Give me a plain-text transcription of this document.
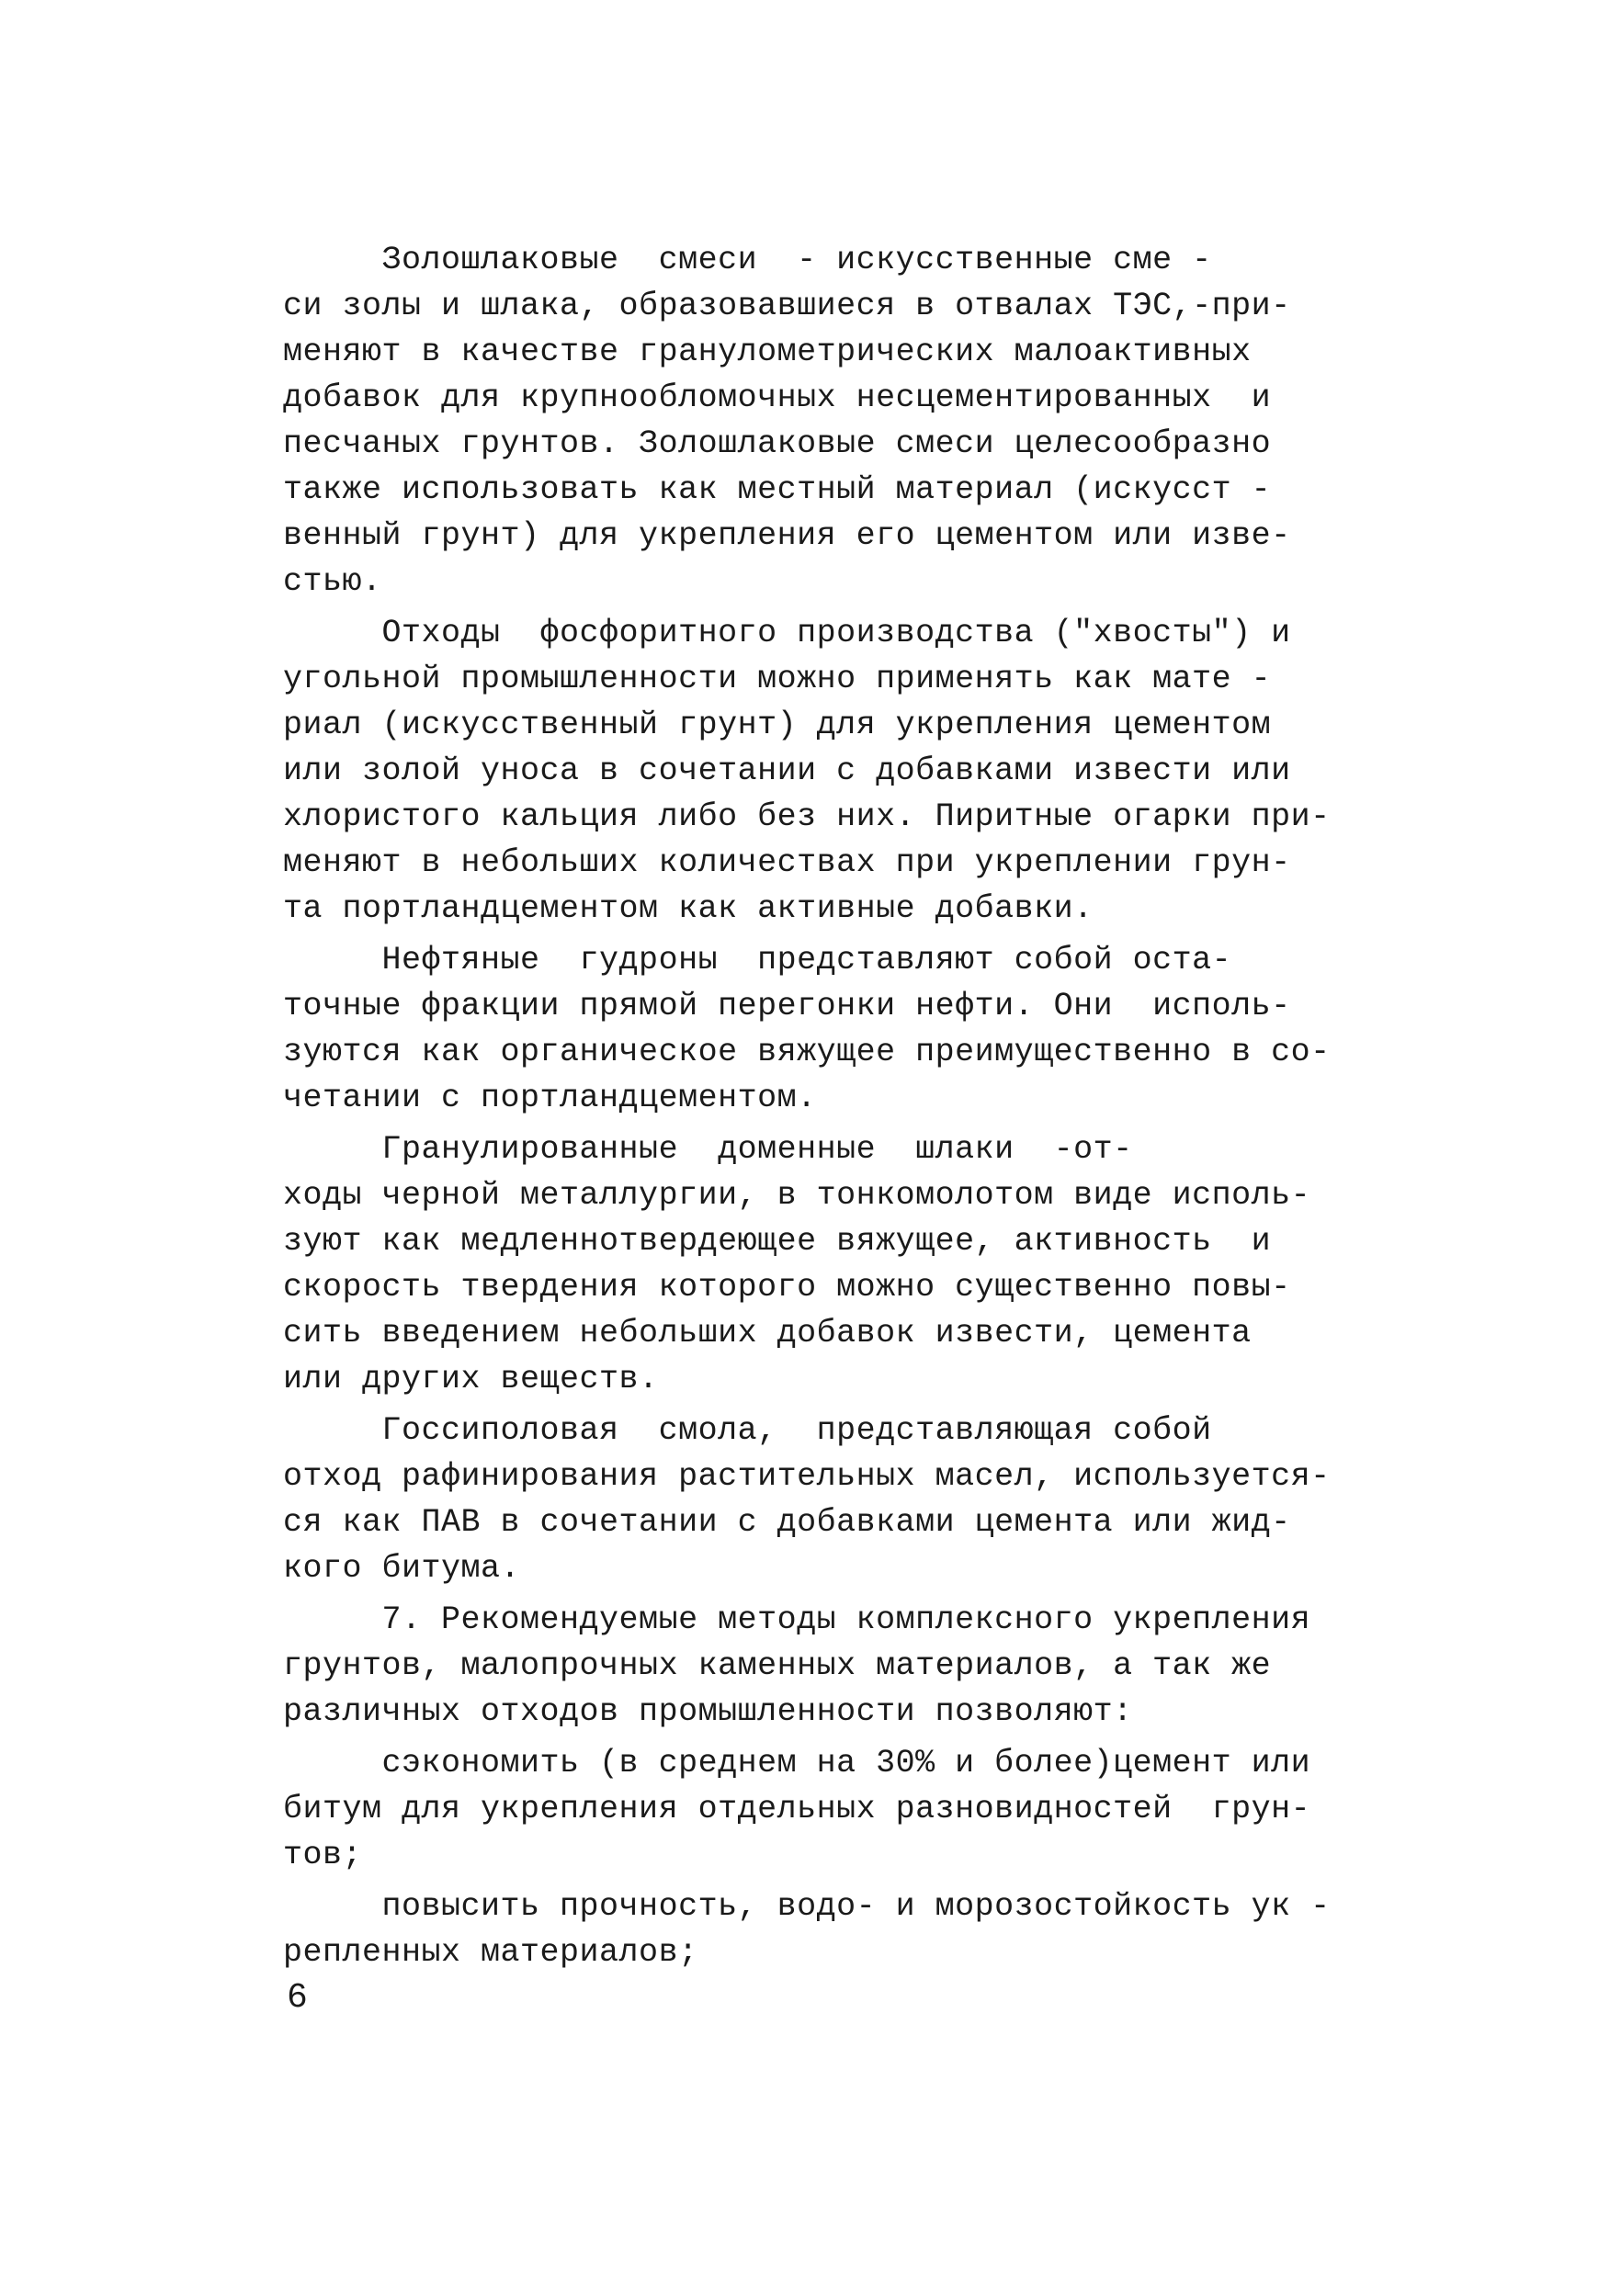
Золошлаковые  смеси  - искусственные сме -
си золы и шлака, образовавшиеся в отвалах ТЭС,-при-
меняют в качестве гранулометрических малоактивных
добавок для крупнообломочных несцементированных  и
песчаных грунтов. Золошлаковые смеси целесообразно
также использовать как местный материал (искусст -
венный грунт) для укрепления его цементом или изве-
стью.
Отходы  фосфоритного производства ("хвосты") и
угольной промышленности можно применять как мате -
риал (искусственный грунт) для укрепления цементом
или золой уноса в сочетании с добавками извести или
хлористого кальция либо без них. Пиритные огарки при-
меняют в небольших количествах при укреплении грун-
та портландцементом как активные добавки.
Нефтяные  гудроны  представляют собой оста-
точные фракции прямой перегонки нефти. Они  исполь-
зуются как органическое вяжущее преимущественно в со-
четании с портландцементом.
Гранулированные  доменные  шлаки  -от-
ходы черной металлургии, в тонкомолотом виде исполь-
зуют как медленнотвердеющее вяжущее, активность  и
скорость твердения которого можно существенно повы-
сить введением небольших добавок извести, цемента
или других веществ.
Госсиполовая  смола,  представляющая собой
отход рафинирования растительных масел, используется-
ся как ПАВ в сочетании с добавками цемента или жид-
кого битума.
7. Рекомендуемые методы комплексного укрепления
грунтов, малопрочных каменных материалов, а так же
различных отходов промышленности позволяют:
сэкономить (в среднем на 30% и более)цемент или
битум для укрепления отдельных разновидностей  грун-
тов;
повысить прочность, водо- и морозостойкость ук -
репленных материалов;
6
